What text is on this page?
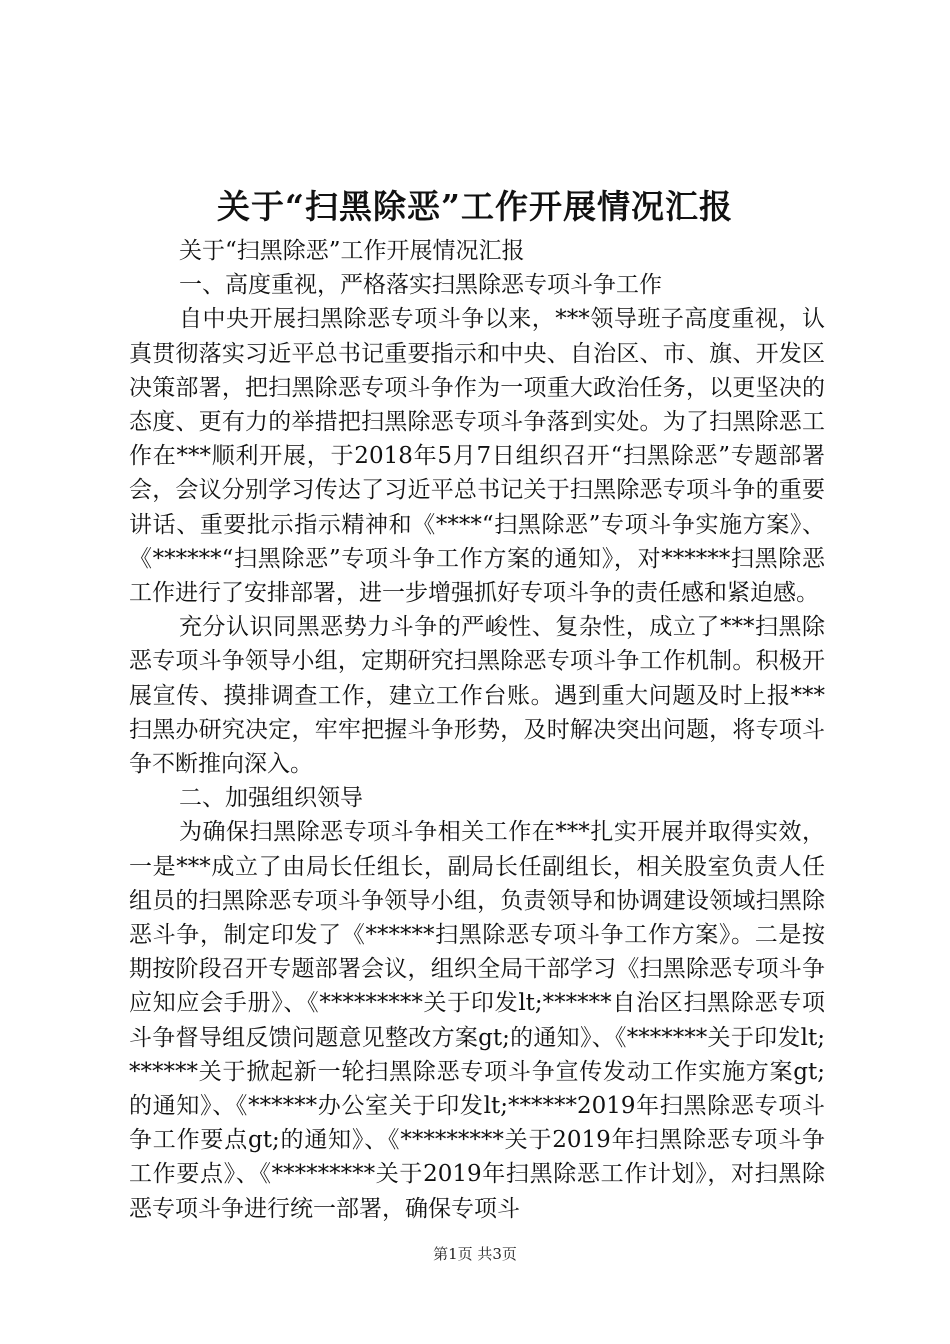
关于“扫黑除恶”工作开展情况汇报

关于“扫黑除恶”工作开展情况汇报

一、高度重视，严格落实扫黑除恶专项斗争工作

自中央开展扫黑除恶专项斗争以来，***领导班子高度重视，认真贯彻落实习近平总书记重要指示和中央、自治区、市、旗、开发区决策部署，把扫黑除恶专项斗争作为一项重大政治任务，以更坚决的态度、更有力的举措把扫黑除恶专项斗争落到实处。为了扫黑除恶工作在***顺利开展，于2018年5月7日组织召开“扫黑除恶”专题部署会，会议分别学习传达了习近平总书记关于扫黑除恶专项斗争的重要讲话、重要批示指示精神和《****“扫黑除恶”专项斗争实施方案》、《******“扫黑除恶”专项斗争工作方案的通知》，对******扫黑除恶工作进行了安排部署，进一步增强抓好专项斗争的责任感和紧迫感。

充分认识同黑恶势力斗争的严峻性、复杂性，成立了***扫黑除恶专项斗争领导小组，定期研究扫黑除恶专项斗争工作机制。积极开展宣传、摸排调查工作，建立工作台账。遇到重大问题及时上报***扫黑办研究决定，牢牢把握斗争形势，及时解决突出问题，将专项斗争不断推向深入。

二、加强组织领导

为确保扫黑除恶专项斗争相关工作在***扎实开展并取得实效，一是***成立了由局长任组长，副局长任副组长，相关股室负责人任组员的扫黑除恶专项斗争领导小组，负责领导和协调建设领域扫黑除恶斗争，制定印发了《******扫黑除恶专项斗争工作方案》。二是按期按阶段召开专题部署会议，组织全局干部学习《扫黑除恶专项斗争应知应会手册》、《*********关于印发lt;******自治区扫黑除恶专项斗争督导组反馈问题意见整改方案gt;的通知》、《*******关于印发lt;******关于掀起新一轮扫黑除恶专项斗争宣传发动工作实施方案gt;的通知》、《******办公室关于印发lt;******2019年扫黑除恶专项斗争工作要点gt;的通知》、《*********关于2019年扫黑除恶专项斗争工作要点》、《*********关于2019年扫黑除恶工作计划》，对扫黑除恶专项斗争进行统一部署，确保专项斗

第1页 共3页
